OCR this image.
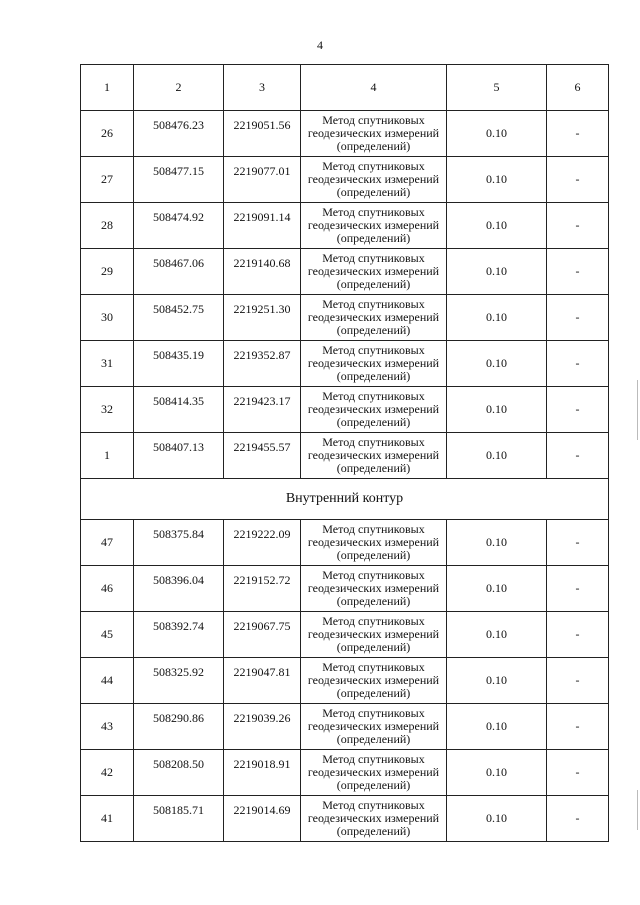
4
1	2	3	4	5	6
26	508476.23	2219051.56	Метод спутниковых
геодезических измерений
(определений)	0.10	-
27	508477.15	2219077.01	Метод спутниковых
геодезических измерений
(определений)	0.10	-
28	508474.92	2219091.14	Метод спутниковых
геодезических измерений
(определений)	0.10	-
29	508467.06	2219140.68	Метод спутниковых
геодезических измерений
(определений)	0.10	-
30	508452.75	2219251.30	Метод спутниковых
геодезических измерений
(определений)	0.10	-
31	508435.19	2219352.87	Метод спутниковых
геодезических измерений
(определений)	0.10	-
32	508414.35	2219423.17	Метод спутниковых
геодезических измерений
(определений)	0.10	-
1	508407.13	2219455.57	Метод спутниковых
геодезических измерений
(определений)	0.10	-
Внутренний контур					
47	508375.84	2219222.09	Метод спутниковых
геодезических измерений
(определений)	0.10	-
46	508396.04	2219152.72	Метод спутниковых
геодезических измерений
(определений)	0.10	-
45	508392.74	2219067.75	Метод спутниковых
геодезических измерений
(определений)	0.10	-
44	508325.92	2219047.81	Метод спутниковых
геодезических измерений
(определений)	0.10	-
43	508290.86	2219039.26	Метод спутниковых
геодезических измерений
(определений)	0.10	-
42	508208.50	2219018.91	Метод спутниковых
геодезических измерений
(определений)	0.10	-
41	508185.71	2219014.69	Метод спутниковых
геодезических измерений
(определений)	0.10	-
